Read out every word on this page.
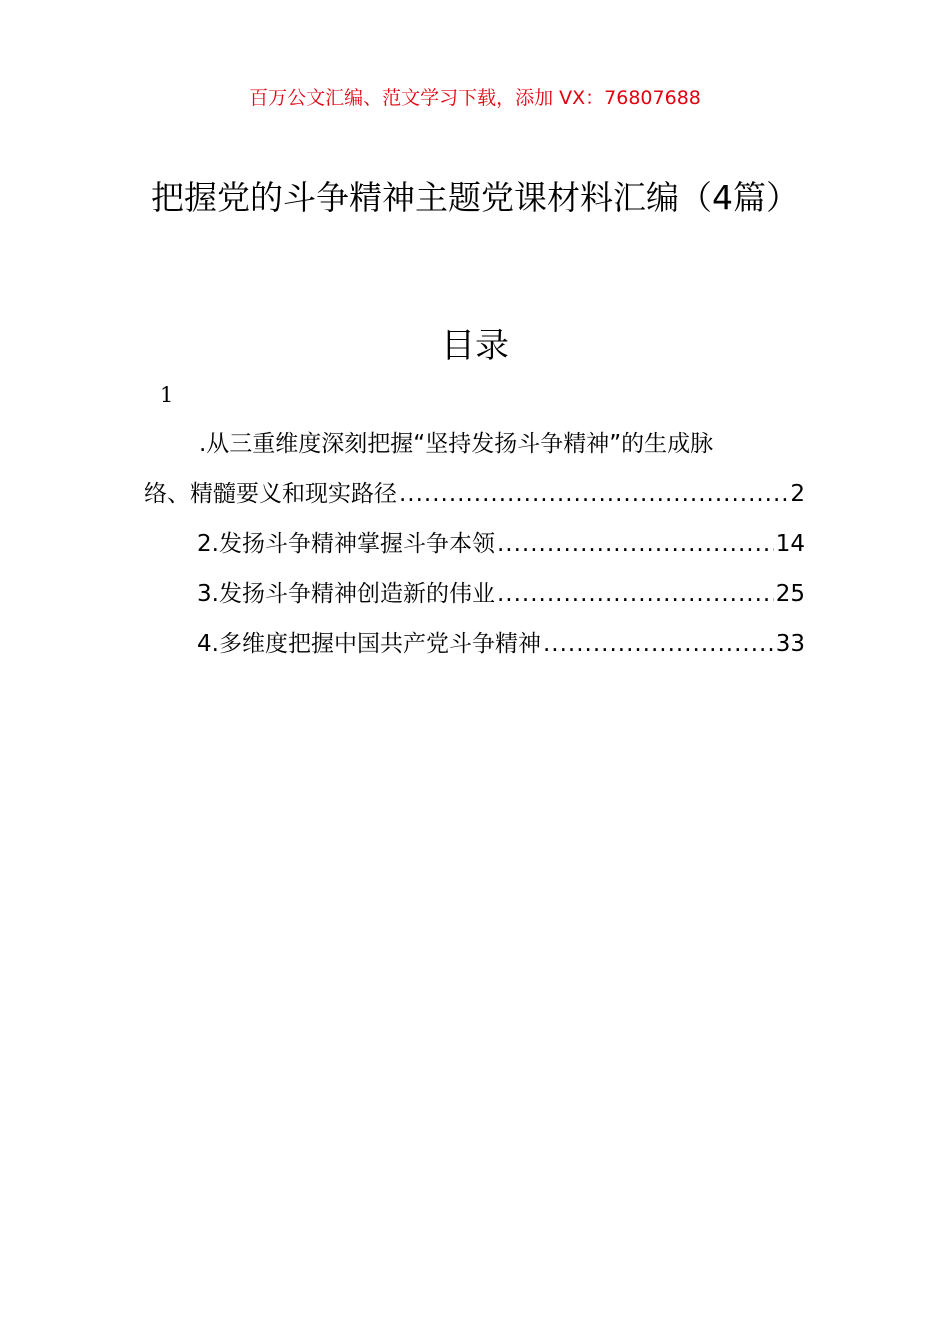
百万公文汇编、范文学习下载，添加 VX：76807688
把握党的斗争精神主题党课材料汇编（4篇）
目录
1
.从三重维度深刻把握“坚持发扬斗争精神”的生成脉
络、精髓要义和现实路径 .....	2
2.发扬斗争精神掌握斗争本领 .....	14
3.发扬斗争精神创造新的伟业 .....	25
4.多维度把握中国共产党斗争精神 .....	33
